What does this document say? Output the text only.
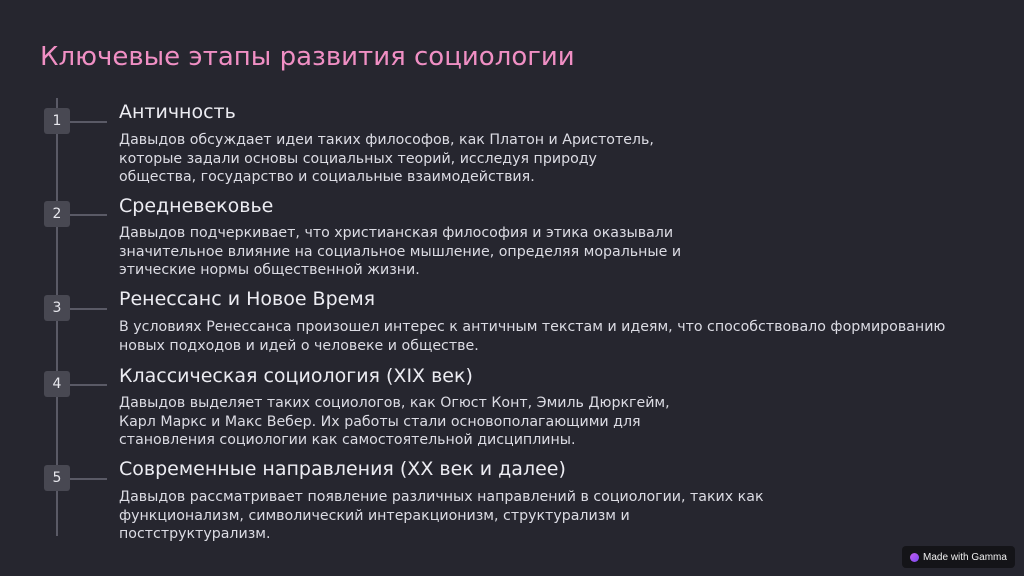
Ключевые этапы развития социологии
1	Античность

Давыдов обсуждает идеи таких философов, как Платон и Аристотель,
которые задали основы социальных теорий, исследуя природу
общества, государство и социальные взаимодействия.

2	Средневековье

Давыдов подчеркивает, что христианская философия и этика оказывали
значительное влияние на социальное мышление, определяя моральные и
этические нормы общественной жизни.

3	Ренессанс и Новое Время

В условиях Ренессанса произошел интерес к античным текстам и идеям, что способствовало формированию
новых подходов и идей о человеке и обществе.

4	Классическая социология (XIX век)

Давыдов выделяет таких социологов, как Огюст Конт, Эмиль Дюркгейм,
Карл Маркс и Макс Вебер. Их работы стали основополагающими для
становления социологии как самостоятельной дисциплины.

5	Современные направления (XX век и далее)

Давыдов рассматривает появление различных направлений в социологии, таких как
функционализм, символический интеракционизм, структурализм и
постструктурализм.

Made with Gamma
